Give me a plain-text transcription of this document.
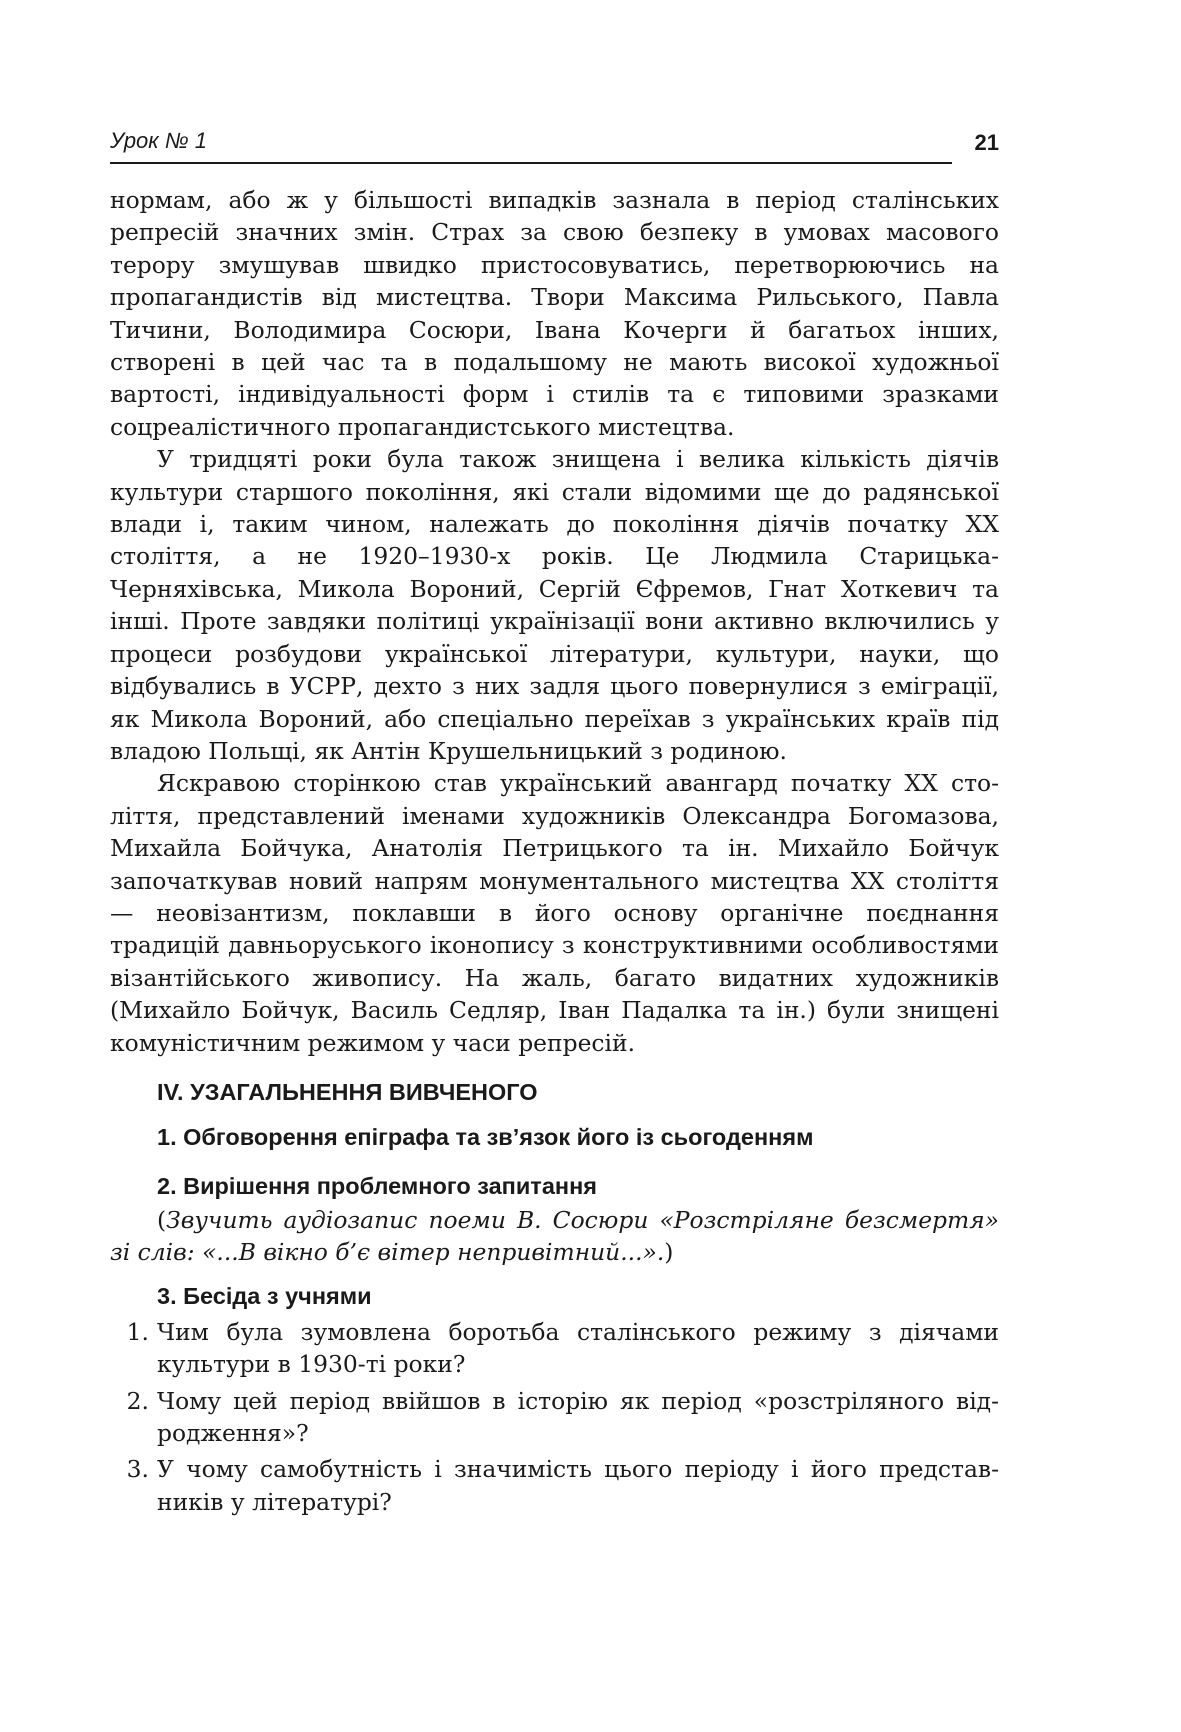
Урок № 1	21

нормам, або ж у більшості випадків зазнала в період сталінських репресій значних змін. Страх за свою безпеку в умовах масового терору змушував швидко пристосовуватись, перетворюючись на пропагандистів від мистецтва. Твори Максима Рильського, Павла Тичини, Володимира Сосюри, Івана Кочерги й багатьох інших, створені в цей час та в подальшому не мають високої художньої вартості, індивідуальності форм і стилів та є типовими зразками соцреалістичного пропагандистського мистецтва.

У тридцяті роки була також знищена і велика кількість діячів культури старшого покоління, які стали відомими ще до радянської влади і, таким чином, належать до покоління діячів початку XX століття, а не 1920–1930-х років. Це Людмила Старицька-Черняхівська, Микола Вороний, Сергій Єфремов, Гнат Хоткевич та інші. Проте завдяки політиці українізації вони активно включились у процеси розбудови української літератури, культури, науки, що відбувались в УСРР, дехто з них задля цього повернулися з еміграції, як Микола Вороний, або спеціально переїхав з українських країв під владою Польщі, як Антін Крушельницький з родиною.

Яскравою сторінкою став український авангард початку XX століття, представлений іменами художників Олександра Богомазова, Михайла Бойчука, Анатолія Петрицького та ін. Михайло Бойчук започаткував новий напрям монументального мистецтва XX століття — неовізантизм, поклавши в його основу органічне поєднання традицій давньоруського іконопису з конструктивними особливостями візантійського живопису. На жаль, багато видатних художників (Михайло Бойчук, Василь Седляр, Іван Падалка та ін.) були знищені комуністичним режимом у часи репресій.

IV. УЗАГАЛЬНЕННЯ ВИВЧЕНОГО
1. Обговорення епіграфа та зв’язок його із сьогоденням
2. Вирішення проблемного запитання

(Звучить аудіозапис поеми В. Сосюри «Розстріляне безсмертя» зі слів: «...В вікно б’є вітер непривітний...».)

3. Бесіда з учнями
1. Чим була зумовлена боротьба сталінського режиму з діячами культури в 1930-ті роки?
2. Чому цей період ввійшов в історію як період «розстріляного відродження»?
3. У чому самобутність і значимість цього періоду і його представників у літературі?
